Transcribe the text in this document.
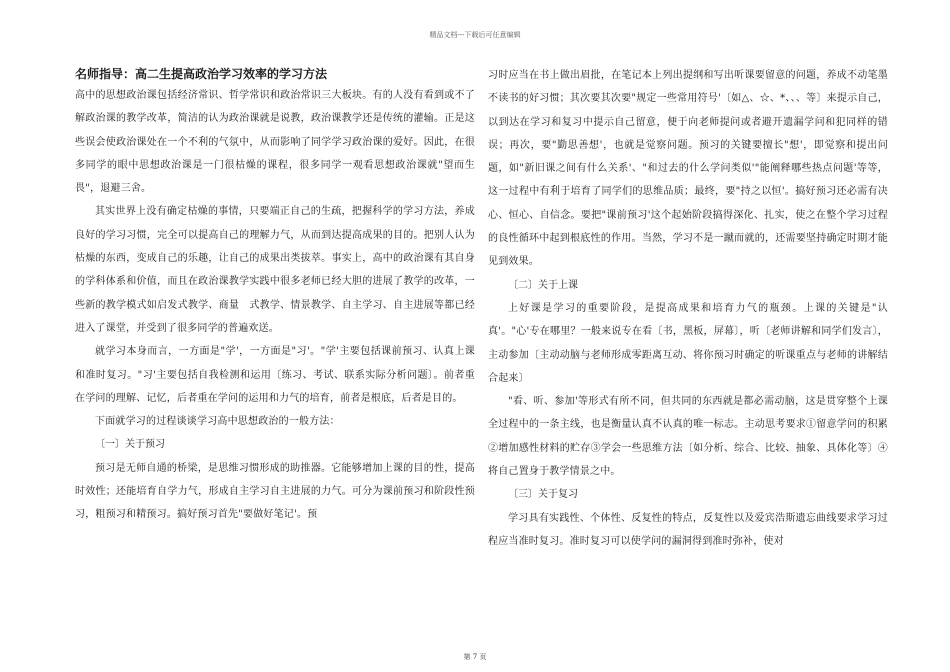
精品文档---下载后可任意编辑
名师指导：高二生提高政治学习效率的学习方法

高中的思想政治课包括经济常识、哲学常识和政治常识三大板块。有的人没有看到或不了解政治课的教学改革，简洁的认为政治课就是说教，政治课教学还是传统的灌输。正是这些误会使政治课处在一个不利的气氛中，从而影响了同学学习政治课的爱好。因此，在很多同学的眼中思想政治课是一门很枯燥的课程，很多同学一观看思想政治课就"望而生畏"，退避三舍。

其实世界上没有确定枯燥的事情，只要端正自己的生疏，把握科学的学习方法，养成良好的学习习惯，完全可以提高自己的理解力气，从而到达提高成果的目的。把别人认为枯燥的东西，变成自己的乐趣，让自己的成果出类拔萃。事实上，高中的政治课有其自身的学科体系和价值，而且在政治课教学实践中很多老师已经大胆的进展了教学的改革，一些新的教学模式如启发式教学、商量　式教学、情景教学、自主学习、自主进展等都已经进入了课堂，并受到了很多同学的普遍欢送。

就学习本身而言，一方面是"学'，一方面是"习'。"学'主要包括课前预习、认真上课和准时复习。"习'主要包括自我检测和运用〔练习、考试、联系实际分析问题〕。前者重在学问的理解、记忆，后者重在学问的运用和力气的培育，前者是根底，后者是目的。

下面就学习的过程谈谈学习高中思想政治的一般方法：

〔一〕关于预习

预习是无师自通的桥梁，是思维习惯形成的助推器。它能够增加上课的目的性，提高时效性；还能培育自学力气，形成自主学习自主进展的力气。可分为课前预习和阶段性预习，粗预习和精预习。搞好预习首先"要做好笔记'。预

习时应当在书上做出眉批，在笔记本上列出提纲和写出听课要留意的问题，养成不动笔墨不读书的好习惯；其次要其次要"规定一些常用符号'〔如△、☆、*、、、等〕来提示自己，以到达在学习和复习中提示自己留意，便于向老师提问或者避开遗漏学问和犯同样的错误；再次，要"勤思善想'，也就是觉察问题。预习的关键要擅长"想'，即觉察和提出问题，如"新旧课之间有什么关系'、"和过去的什么学问类似'"能阐释哪些热点问题'等等，这一过程中有利于培育了同学们的思维品质；最终，要"持之以恒'。搞好预习还必需有决心、恒心、自信念。要把"课前预习'这个起始阶段搞得深化、扎实，使之在整个学习过程的良性循环中起到根底性的作用。当然，学习不是一蹴而就的，还需要坚持确定时期才能见到效果。

〔二〕关于上课

上好课是学习的重要阶段，是提高成果和培育力气的瓶颈。上课的关键是"认真'。"心'专在哪里？一般来说专在看〔书，黑板，屏幕〕，听〔老师讲解和同学们发言〕，主动参加〔主动动脑与老师形成零距离互动、将你预习时确定的听课重点与老师的讲解结合起来〕

"看、听、参加'等形式有所不同，但共同的东西就是都必需动脑，这是贯穿整个上课全过程中的一条主线，也是衡量认真不认真的唯一标志。主动思考要求①留意学问的积累②增加感性材料的贮存③学会一些思维方法〔如分析、综合、比较、抽象、具体化等〕④将自己置身于教学情景之中。

〔三〕关于复习

学习具有实践性、个体性、反复性的特点，反复性以及爱宾浩斯遗忘曲线要求学习过程应当准时复习。准时复习可以使学问的漏洞得到准时弥补，使对

第 7 页
